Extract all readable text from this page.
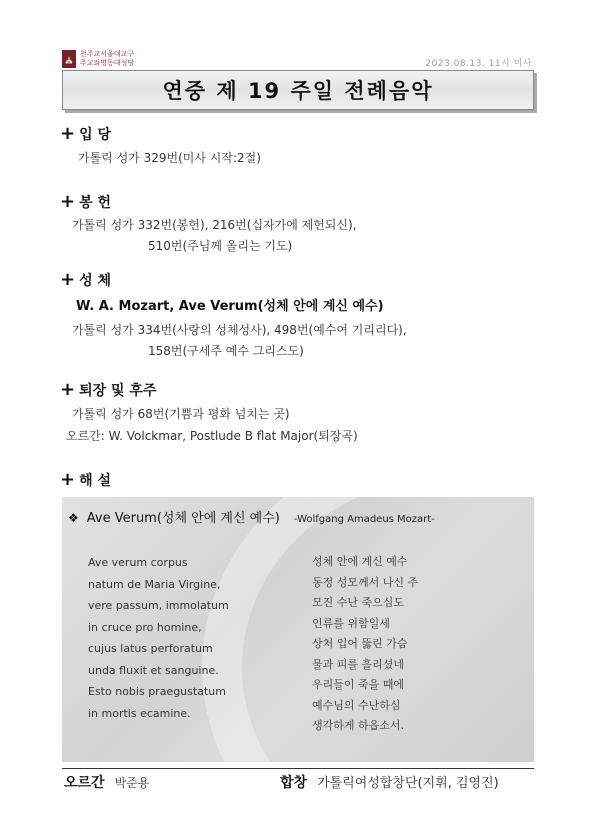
⛪
천주교서울대교구
주교좌명동대성당	2023.08.13. 11시 미사
연중 제 19 주일 전례음악
+ 입 당
가톨릭 성가 329번(미사 시작:2절)
+ 봉 헌
가톨릭 성가 332번(봉헌), 216번(십자가에 제헌되신),
510번(주님께 올리는 기도)
+ 성 체
W. A. Mozart, Ave Verum(성체 안에 계신 예수)
가톨릭 성가 334번(사랑의 성체성사), 498번(예수여 기리리다),
158번(구세주 예수 그리스도)
+ 퇴장 및 후주
가톨릭 성가 68번(기쁨과 평화 넘치는 곳)
오르간: W. Volckmar, Postlude B flat Major(퇴장곡)
+ 해 설
❖ Ave Verum(성체 안에 계신 예수) -Wolfgang Amadeus Mozart-
Ave verum corpus
natum de Maria Virgine,
vere passum, immolatum
in cruce pro homine,
cujus latus perforatum
unda fluxit et sanguine.
Esto nobis praegustatum
in mortis ecamine.
성체 안에 계신 예수
동정 성모께서 나신 주
모진 수난 죽으심도
인류를 위함일세
상처 입어 뚫린 가슴
물과 피를 흘리셨네
우리들이 죽을 때에
예수님의 수난하심
생각하게 하옵소서.
오르간 박준용	합창 가톨릭여성합창단(지휘, 김영진)
